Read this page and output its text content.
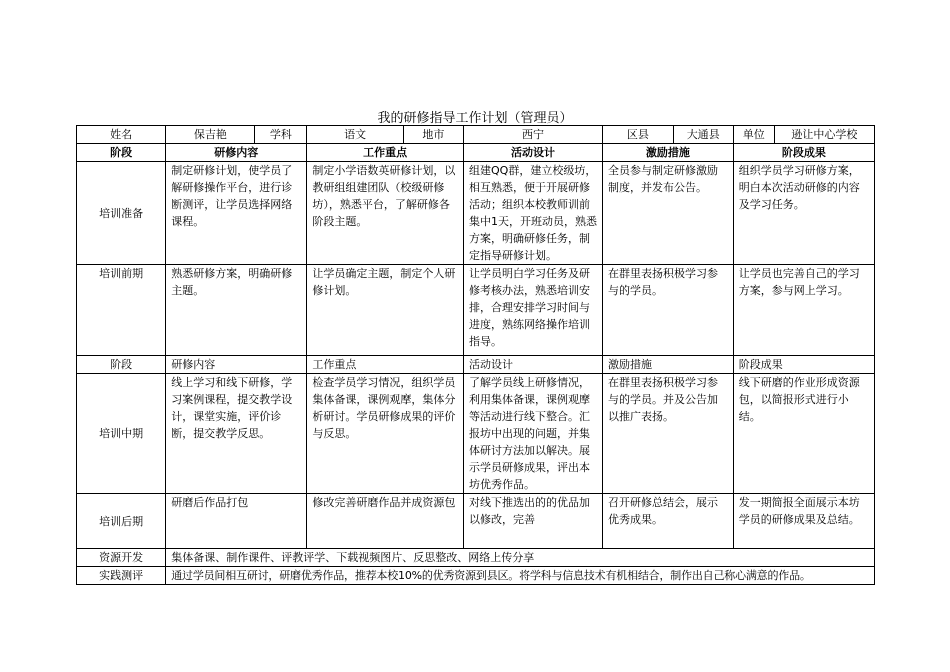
我的研修指导工作计划（管理员）
姓名	保吉艳	学科	语文	地市	西宁	区县	大通县	单位	逊让中心学校

阶段	研修内容	工作重点	活动设计	激励措施	阶段成果
培训准备	制定研修计划，使学员了解研修操作平台，进行诊断测评，让学员选择网络课程。	制定小学语数英研修计划，以教研组组建团队（校级研修坊），熟悉平台，了解研修各阶段主题。	组建QQ群，建立校级坊，相互熟悉，便于开展研修活动；组织本校教师训前集中1天，开班动员，熟悉方案，明确研修任务，制定指导研修计划。	全员参与制定研修激励制度，并发布公告。	组织学员学习研修方案，明白本次活动研修的内容及学习任务。
培训前期	熟悉研修方案，明确研修主题。	让学员确定主题，制定个人研修计划。	让学员明白学习任务及研修考核办法，熟悉培训安排，合理安排学习时间与进度，熟练网络操作培训指导。	在群里表扬积极学习参与的学员。	让学员也完善自己的学习方案，参与网上学习。
阶段	研修内容	工作重点	活动设计	激励措施	阶段成果
培训中期	线上学习和线下研修，学习案例课程，提交教学设计，课堂实施，评价诊断，提交教学反思。	检查学员学习情况，组织学员集体备课，课例观摩，集体分析研讨。学员研修成果的评价与反思。	了解学员线上研修情况，利用集体备课，课例观摩等活动进行线下整合。汇报坊中出现的问题，并集体研讨方法加以解决。展示学员研修成果，评出本坊优秀作品。	在群里表扬积极学习参与的学员。并及公告加以推广表扬。	线下研磨的作业形成资源包，以简报形式进行小结。
培训后期	研磨后作品打包	修改完善研磨作品并成资源包	对线下推选出的的优品加以修改，完善	召开研修总结会，展示优秀成果。	发一期简报全面展示本坊学员的研修成果及总结。
资源开发	集体备课、制作课件、评教评学、下载视频图片、反思整改、网络上传分享
实践测评	通过学员间相互研讨，研磨优秀作品，推荐本校10%的优秀资源到县区。将学科与信息技术有机相结合，制作出自己称心满意的作品。
